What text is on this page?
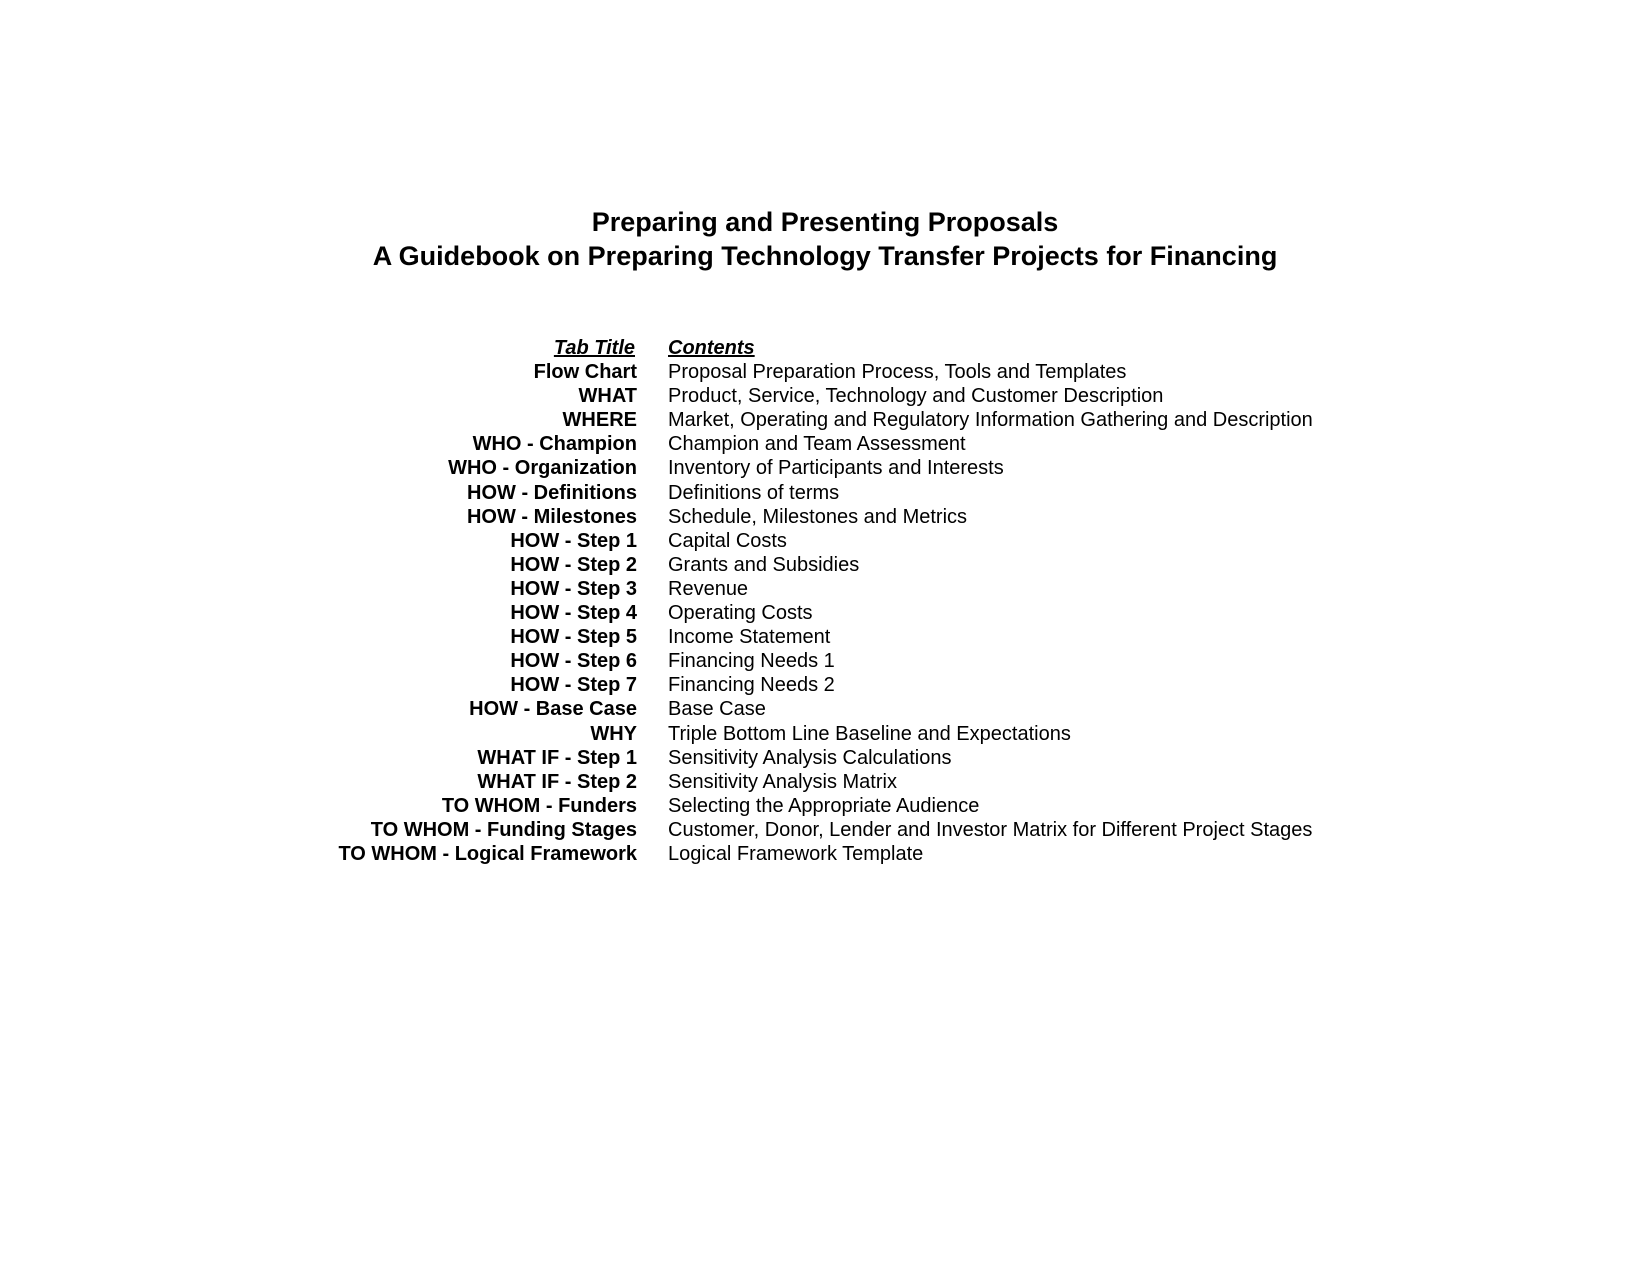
Preparing and Presenting Proposals

A Guidebook on Preparing Technology Transfer Projects for Financing

Tab Title Contents
Flow Chart Proposal Preparation Process, Tools and Templates
WHAT Product, Service, Technology and Customer Description
WHERE Market, Operating and Regulatory Information Gathering and Description
WHO - Champion Champion and Team Assessment
WHO - Organization Inventory of Participants and Interests
HOW - Definitions Definitions of terms
HOW - Milestones Schedule, Milestones and Metrics
HOW - Step 1 Capital Costs
HOW - Step 2 Grants and Subsidies
HOW - Step 3 Revenue
HOW - Step 4 Operating Costs
HOW - Step 5 Income Statement
HOW - Step 6 Financing Needs 1
HOW - Step 7 Financing Needs 2
HOW - Base Case Base Case
WHY Triple Bottom Line Baseline and Expectations
WHAT IF - Step 1 Sensitivity Analysis Calculations
WHAT IF - Step 2 Sensitivity Analysis Matrix
TO WHOM - Funders Selecting the Appropriate Audience
TO WHOM - Funding Stages Customer, Donor, Lender and Investor Matrix for Different Project Stages
TO WHOM - Logical Framework Logical Framework Template
